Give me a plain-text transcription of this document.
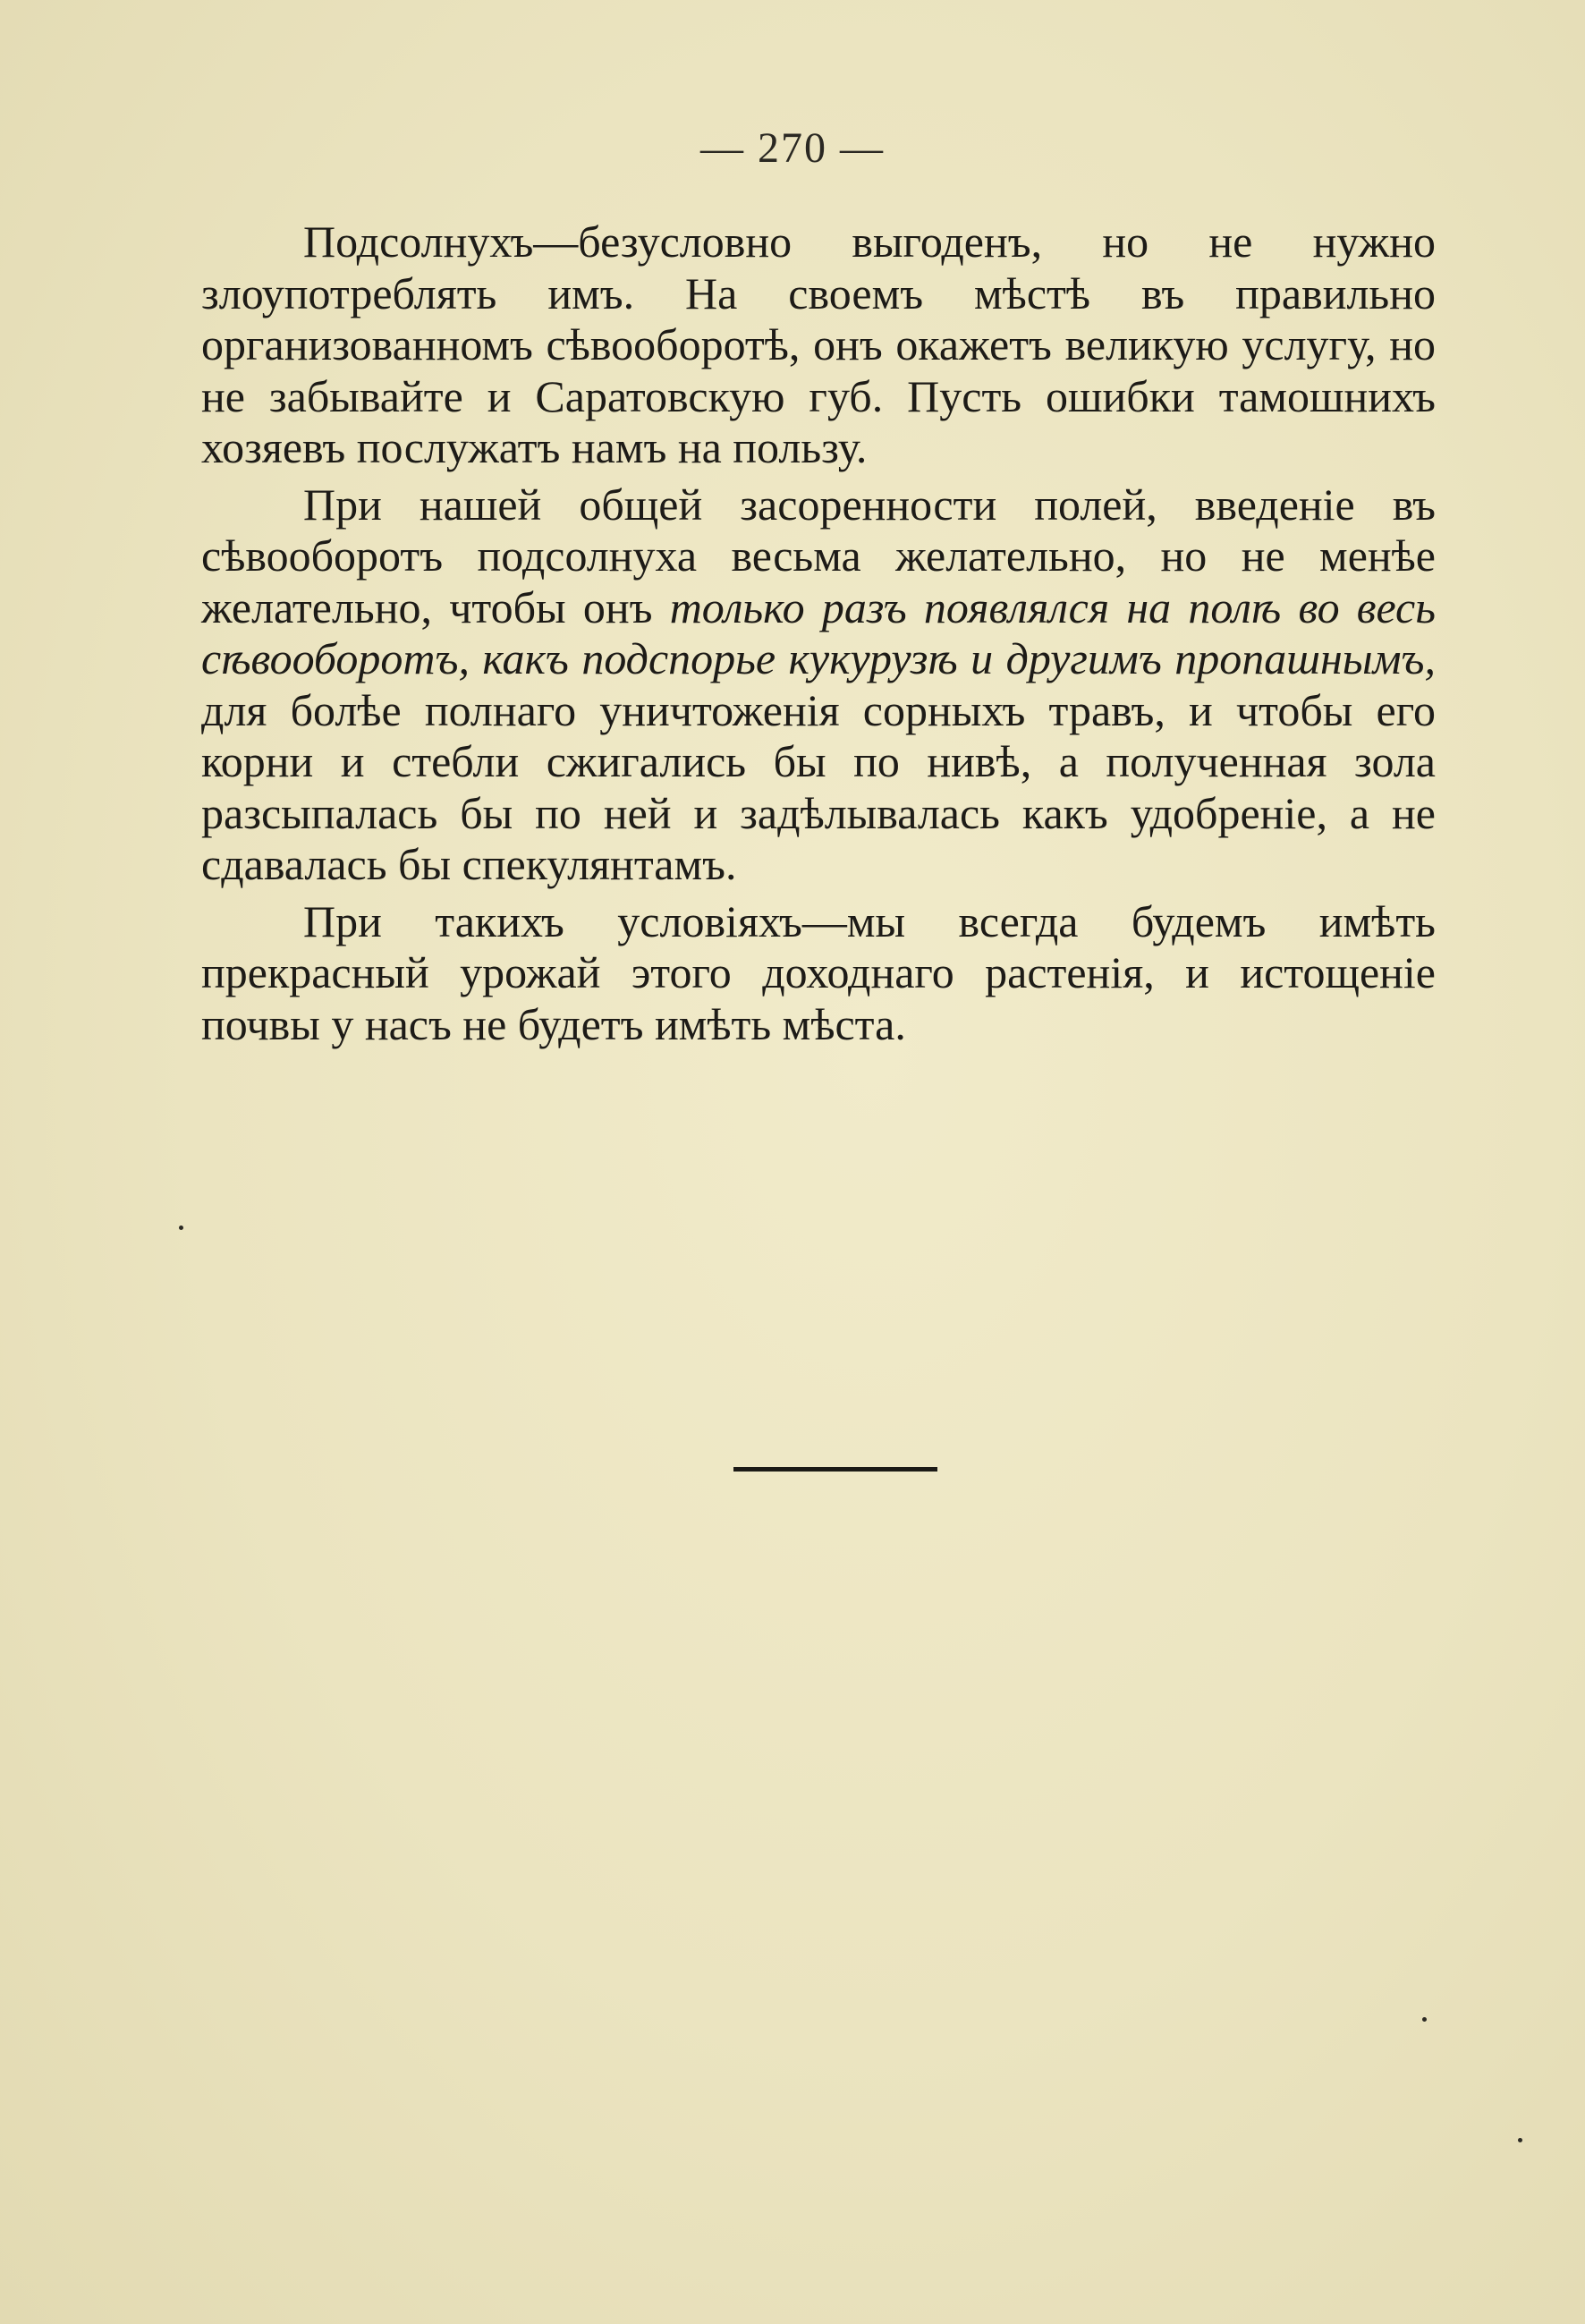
— 270 —

Подсолнухъ—безусловно выгоденъ, но не нужно злоупотреблять имъ. На своемъ мѣстѣ въ правильно организованномъ сѣвооборотѣ, онъ окажетъ великую услугу, но не забывайте и Саратовскую губ. Пусть ошибки тамошнихъ хозяевъ послужатъ намъ на пользу.

При нашей общей засоренности полей, введеніе въ сѣвооборотъ подсолнуха весьма желательно, но не менѣе желательно, чтобы онъ только разъ появлялся на полѣ во весь сѣвооборотъ, какъ подспорье кукурузѣ и другимъ пропашнымъ, для болѣе полнаго уничтоженія сорныхъ травъ, и чтобы его корни и стебли сжигались бы по нивѣ, а полученная зола разсыпалась бы по ней и задѣлывалась какъ удобреніе, а не сдавалась бы спекулянтамъ.

При такихъ условіяхъ—мы всегда будемъ имѣть прекрасный урожай этого доходнаго растенія, и истощеніе почвы у насъ не будетъ имѣть мѣста.
